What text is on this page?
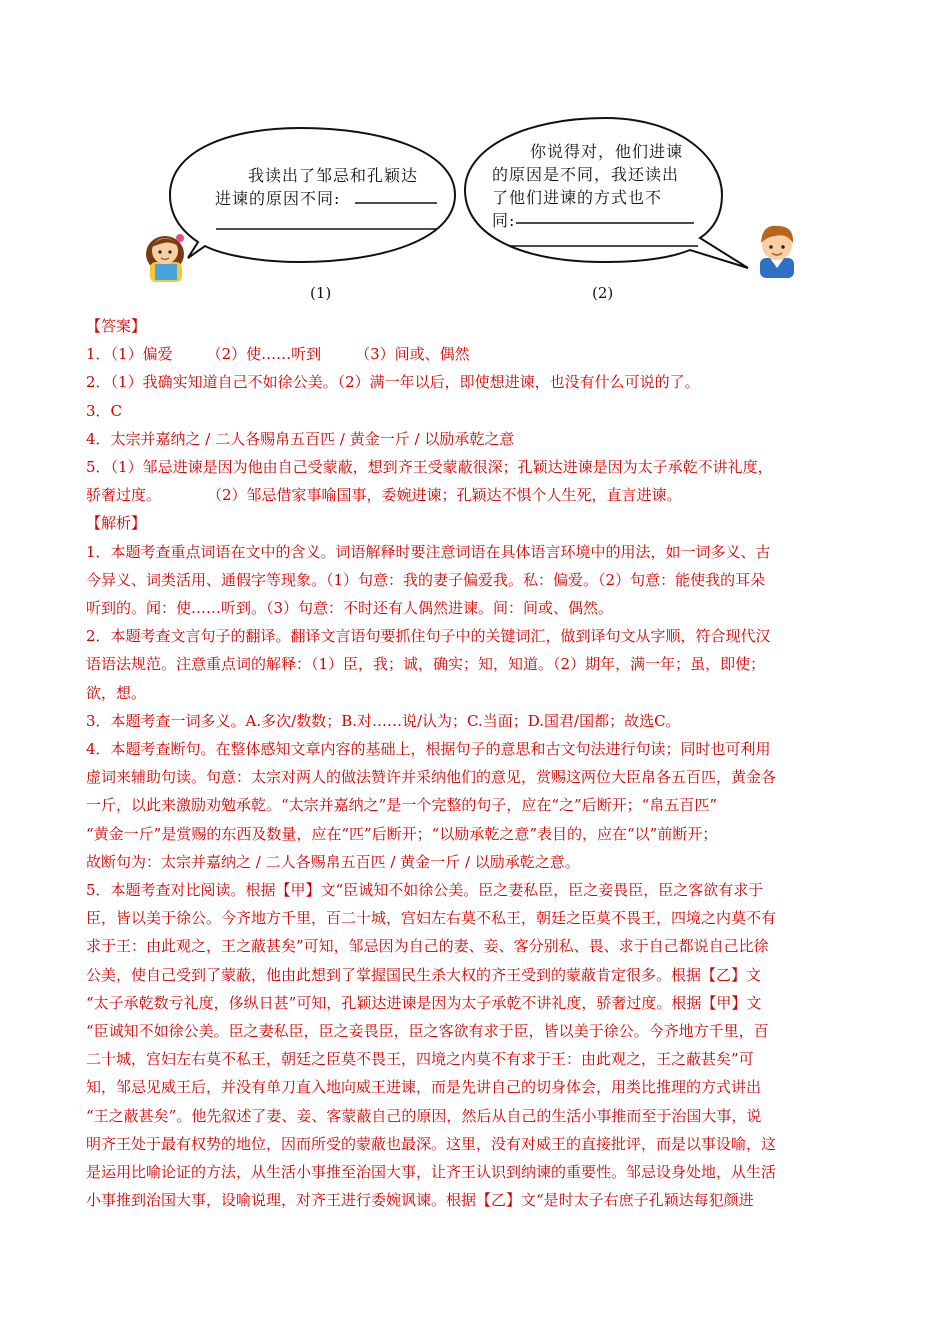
我读出了邹忌和孔颖达
进谏的原因不同:
你说得对，他们进谏
的原因是不同，我还读出
了他们进谏的方式也不
同:
(1)	(2)

【答案】

1．（1）偏爱 （2）使……听到 （3）间或、偶然

2．（1）我确实知道自己不如徐公美。（2）满一年以后，即使想进谏，也没有什么可说的了。

3．C

4．太宗并嘉纳之 / 二人各赐帛五百匹 / 黄金一斤 / 以励承乾之意

5．（1）邹忌进谏是因为他由自己受蒙蔽，想到齐王受蒙蔽很深；孔颖达进谏是因为太子承乾不讲礼度，

骄奢过度。	（2）邹忌借家事喻国事，委婉进谏；孔颖达不惧个人生死，直言进谏。

【解析】

1．本题考查重点词语在文中的含义。词语解释时要注意词语在具体语言环境中的用法，如一词多义、古

今异义、词类活用、通假字等现象。（1）句意：我的妻子偏爱我。私：偏爱。（2）句意：能使我的耳朵

听到的。闻：使……听到。（3）句意：不时还有人偶然进谏。间：间或、偶然。

2．本题考查文言句子的翻译。翻译文言语句要抓住句子中的关键词汇，做到译句文从字顺，符合现代汉

语语法规范。注意重点词的解释：（1）臣，我；诚，确实；知，知道。（2）期年，满一年；虽，即使；

欲，想。

3．本题考查一词多义。A.多次/数数；B.对……说/认为；C.当面；D.国君/国都；故选C。

4．本题考查断句。在整体感知文章内容的基础上，根据句子的意思和古文句法进行句读；同时也可利用

虚词来辅助句读。句意：太宗对两人的做法赞许并采纳他们的意见，赏赐这两位大臣帛各五百匹，黄金各

一斤，以此来激励劝勉承乾。“太宗并嘉纳之”是一个完整的句子，应在“之”后断开；“帛五百匹”

“黄金一斤”是赏赐的东西及数量，应在“匹”后断开；“以励承乾之意”表目的，应在“以”前断开；

故断句为：太宗并嘉纳之 / 二人各赐帛五百匹 / 黄金一斤 / 以励承乾之意。

5．本题考查对比阅读。根据【甲】文“臣诚知不如徐公美。臣之妻私臣，臣之妾畏臣，臣之客欲有求于

臣，皆以美于徐公。今齐地方千里，百二十城，宫妇左右莫不私王，朝廷之臣莫不畏王，四境之内莫不有

求于王：由此观之，王之蔽甚矣”可知，邹忌因为自己的妻、妾、客分别私、畏、求于自己都说自己比徐

公美，使自己受到了蒙蔽，他由此想到了掌握国民生杀大权的齐王受到的蒙蔽肯定很多。根据【乙】文

“太子承乾数亏礼度，侈纵日甚”可知，孔颖达进谏是因为太子承乾不讲礼度，骄奢过度。根据【甲】文

“臣诚知不如徐公美。臣之妻私臣，臣之妾畏臣，臣之客欲有求于臣，皆以美于徐公。今齐地方千里，百

二十城，宫妇左右莫不私王，朝廷之臣莫不畏王，四境之内莫不有求于王：由此观之，王之蔽甚矣”可

知，邹忌见威王后，并没有单刀直入地向威王进谏，而是先讲自己的切身体会，用类比推理的方式讲出

“王之蔽甚矣”。他先叙述了妻、妾、客蒙蔽自己的原因，然后从自己的生活小事推而至于治国大事，说

明齐王处于最有权势的地位，因而所受的蒙蔽也最深。这里，没有对威王的直接批评，而是以事设喻，这

是运用比喻论证的方法，从生活小事推至治国大事，让齐王认识到纳谏的重要性。邹忌设身处地，从生活

小事推到治国大事，设喻说理，对齐王进行委婉讽谏。根据【乙】文“是时太子右庶子孔颖达每犯颜进
